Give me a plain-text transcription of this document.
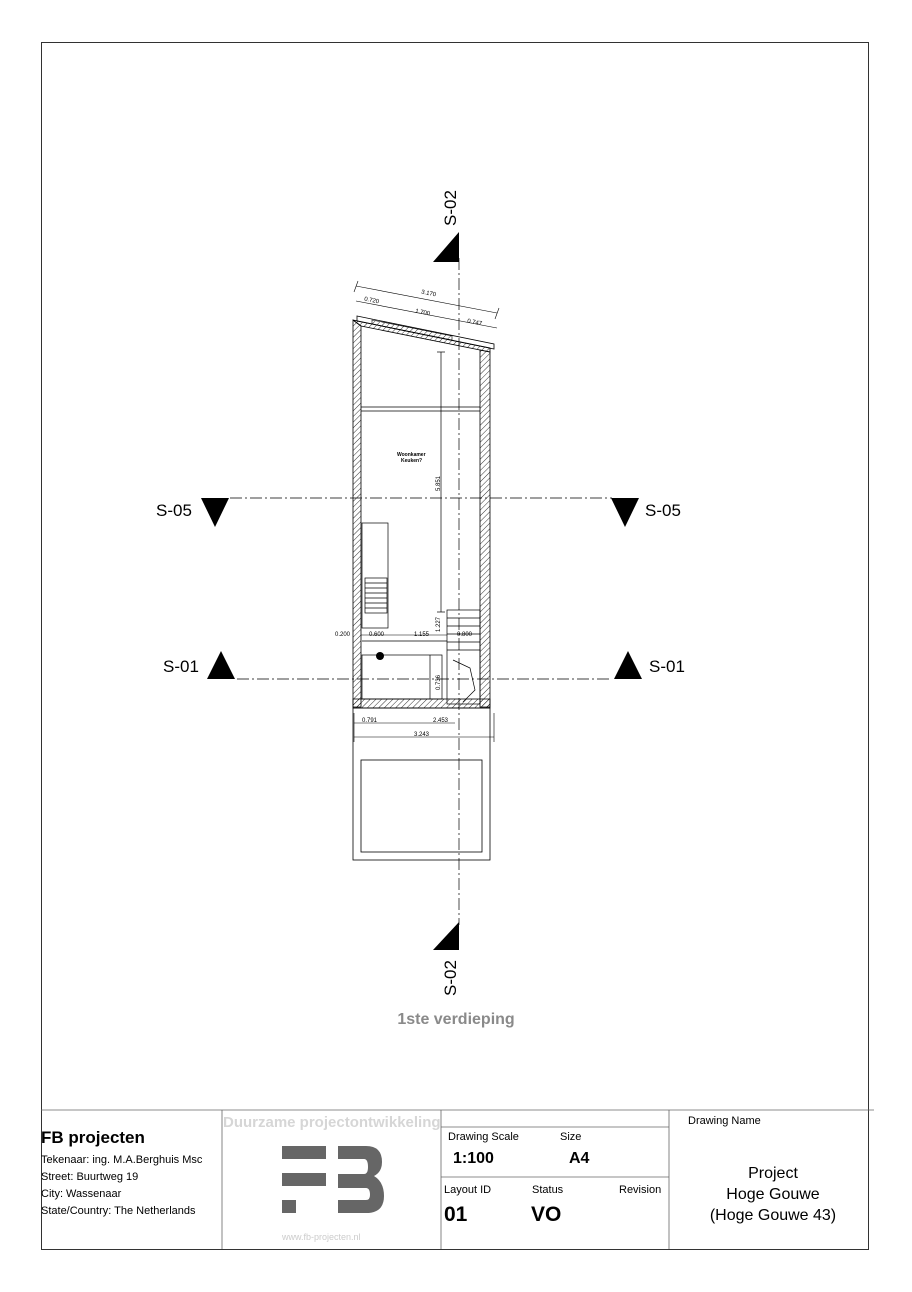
S-02
S-02
S-05	S-05
S-01	S-01
Woonkamer
Keuken?
3.170
0.720
1.700
0.747
5.851
0.200	0.600	1.155	0.800
1.227
0.736
0.791	2.453
3.243
1ste verdieping
FB projecten
Tekenaar: ing. M.A.Berghuis Msc
Street: Buurtweg 19
City: Wassenaar
State/Country: The Netherlands
Duurzame projectontwikkeling
www.fb-projecten.nl
Drawing Scale	Size
1:100	A4
Layout ID	Status	Revision
01	VO
Drawing Name
Project
Hoge Gouwe
(Hoge Gouwe 43)
